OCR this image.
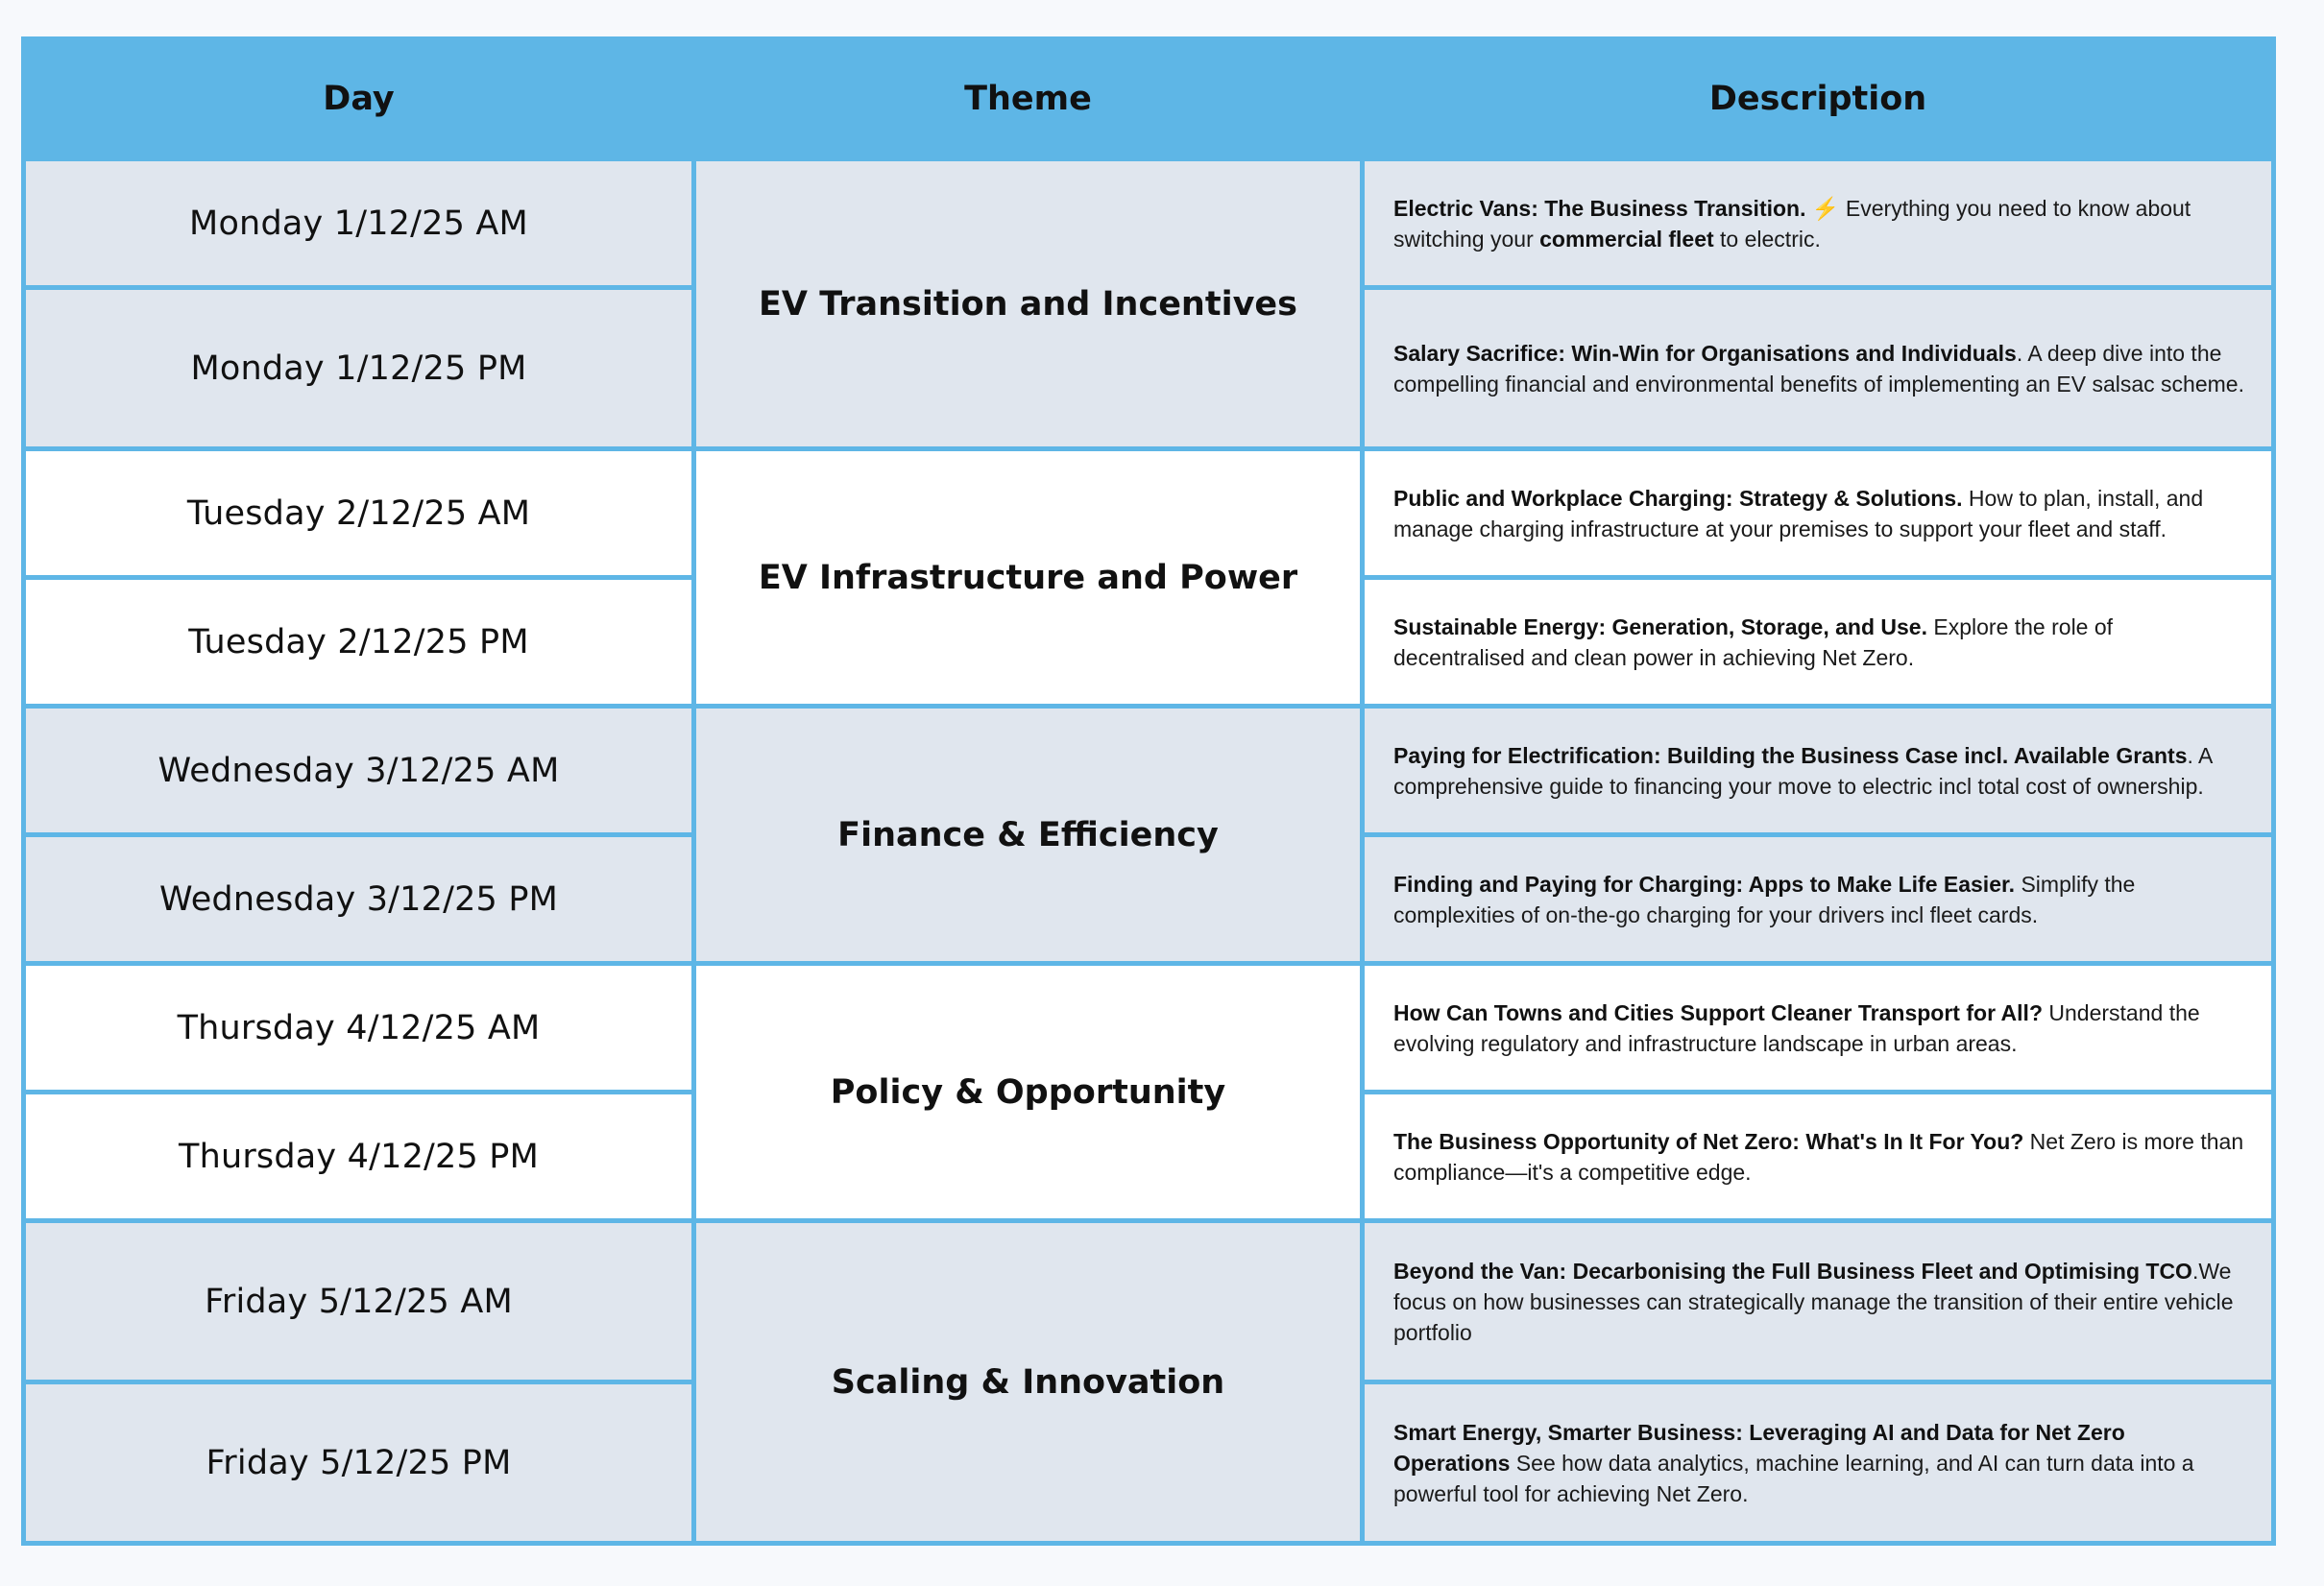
Day	Theme	Description
Monday 1/12/25 AM	EV Transition and Incentives	Electric Vans: The Business Transition. ⚡ Everything you need to know about switching your commercial fleet to electric.
Monday 1/12/25 PM		Salary Sacrifice: Win-Win for Organisations and Individuals. A deep dive into the compelling financial and environmental benefits of implementing an EV salsac scheme.
Tuesday 2/12/25 AM	EV Infrastructure and Power	Public and Workplace Charging: Strategy & Solutions. How to plan, install, and manage charging infrastructure at your premises to support your fleet and staff.
Tuesday 2/12/25 PM		Sustainable Energy: Generation, Storage, and Use. Explore the role of decentralised and clean power in achieving Net Zero.
Wednesday 3/12/25 AM	Finance & Efficiency	Paying for Electrification: Building the Business Case incl. Available Grants. A comprehensive guide to financing your move to electric incl total cost of ownership.
Wednesday 3/12/25 PM		Finding and Paying for Charging: Apps to Make Life Easier. Simplify the complexities of on-the-go charging for your drivers incl fleet cards.
Thursday 4/12/25 AM	Policy & Opportunity	How Can Towns and Cities Support Cleaner Transport for All? Understand the evolving regulatory and infrastructure landscape in urban areas.
Thursday 4/12/25 PM		The Business Opportunity of Net Zero: What's In It For You? Net Zero is more than compliance—it's a competitive edge.
Friday 5/12/25 AM	Scaling & Innovation	Beyond the Van: Decarbonising the Full Business Fleet and Optimising TCO.We focus on how businesses can strategically manage the transition of their entire vehicle portfolio
Friday 5/12/25 PM		Smart Energy, Smarter Business: Leveraging AI and Data for Net Zero Operations See how data analytics, machine learning, and AI can turn data into a powerful tool for achieving Net Zero.
